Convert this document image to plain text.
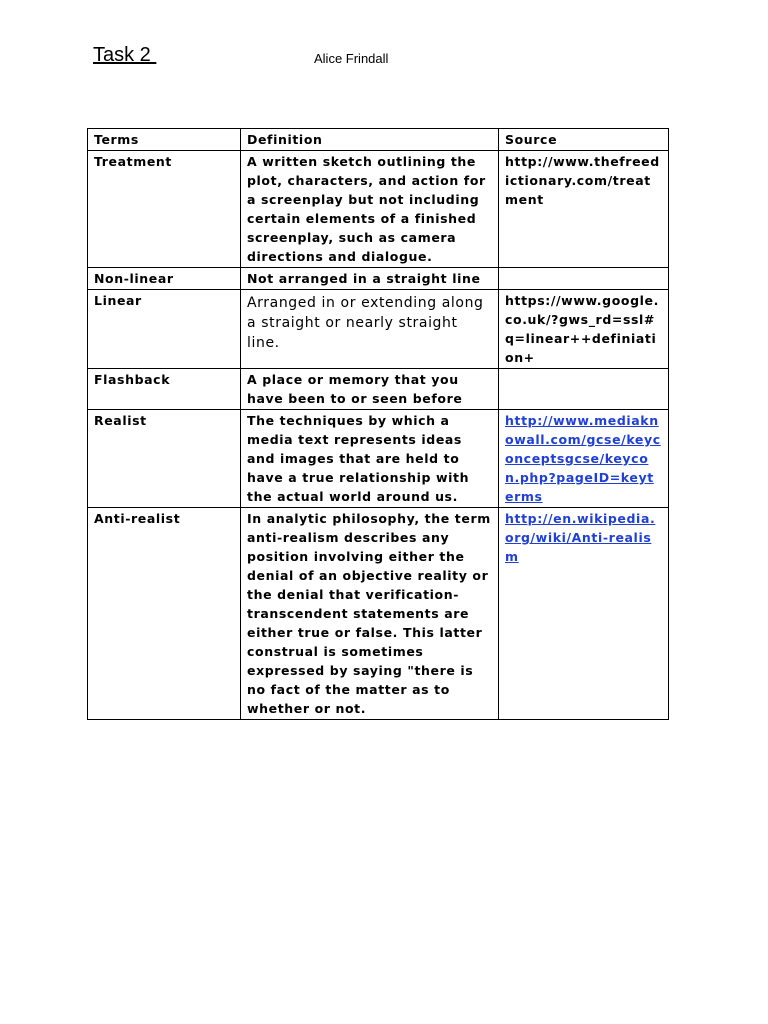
Task 2	Alice Frindall
Terms	Definition	Source
Treatment	A written sketch outlining the plot, characters, and action for a screenplay but not including certain elements of a finished screenplay, such as camera directions and dialogue.	http://www.thefreedictionary.com/treatment

Non-linear	Not arranged in a straight line	
Linear	Arranged in or extending along a straight or nearly straight line.	https://www.google.co.uk/?gws_rd=ssl#q=linear++definiation+

Flashback	A place or memory that you have been to or seen before	
Realist	The techniques by which a media text represents ideas and images that are held to have a true relationship with the actual world around us.	http://www.mediaknowall.com/gcse/keyconceptsgcse/keycon.php?pageID=keyterms

Anti-realist	In analytic philosophy, the term anti-realism describes any position involving either the denial of an objective reality or the denial that verification-transcendent statements are either true or false. This latter construal is sometimes expressed by saying "there is no fact of the matter as to whether or not.	http://en.wikipedia.org/wiki/Anti-realism
